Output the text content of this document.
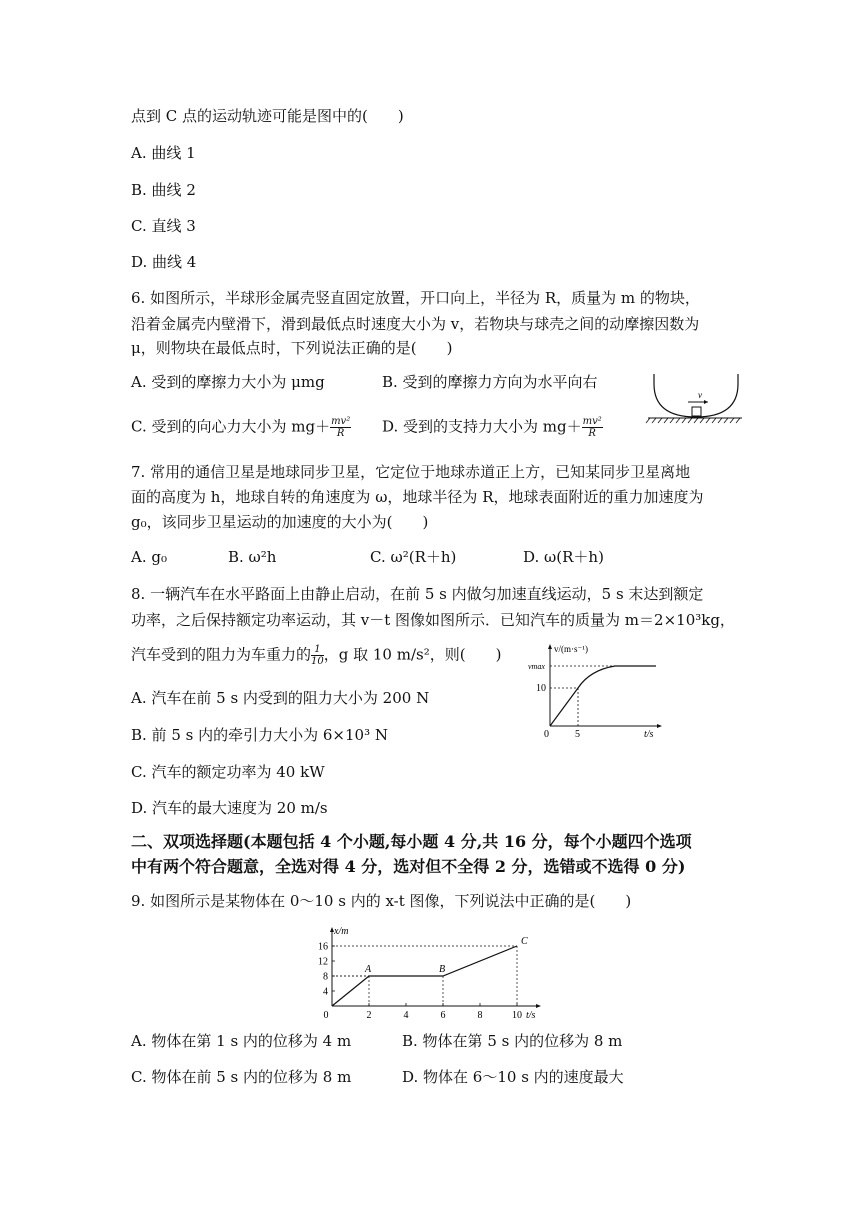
点到 C 点的运动轨迹可能是图中的(　　)
A. 曲线 1
B. 曲线 2
C. 直线 3
D. 曲线 4
6. 如图所示，半球形金属壳竖直固定放置，开口向上，半径为 R，质量为 m 的物块，
沿着金属壳内壁滑下，滑到最低点时速度大小为 v，若物块与球壳之间的动摩擦因数为
μ，则物块在最低点时，下列说法正确的是(　　)
A. 受到的摩擦力大小为 μmg	B. 受到的摩擦力方向为水平向右
C. 受到的向心力大小为 $mg+ \frac{\text{mv²}}{R} D$. 受到的支持力大小为 $mg+ \frac{\text{mv²}}{R}$
v
7. 常用的通信卫星是地球同步卫星，它定位于地球赤道正上方，已知某同步卫星离地
面的高度为 h，地球自转的角速度为 ω，地球半径为 R，地球表面附近的重力加速度为
g₀，该同步卫星运动的加速度的大小为(　　)
A. g₀	B. ω²h	C. ω²(R＋h)	D. ω(R＋h)
8. 一辆汽车在水平路面上由静止启动，在前 5 s 内做匀加速直线运动，5 s 末达到额定
功率，之后保持额定功率运动，其 v－t 图像如图所示．已知汽车的质量为 m＝2×10³kg，
汽车受到的阻力为车重力的 $\frac{1}{10}$ ，g 取 10 m/s²，则(　　)
A. 汽车在前 5 s 内受到的阻力大小为 200 N
B. 前 5 s 内的牵引力大小为 6×10³ N
C. 汽车的额定功率为 40 kW
D. 汽车的最大速度为 20 m/s
v/(m·s⁻¹)
vmax
10
0	5	t/s
二、双项选择题(本题包括 4 个小题,每小题 4 分,共 16 分，每个小题四个选项
中有两个符合题意，全选对得 4 分，选对但不全得 2 分，选错或不选得 0 分)
9. 如图所示是某物体在 0～10 s 内的 x-t 图像，下列说法中正确的是(　　)
4
8
12
16
0	2	4	6	8	10
A	B
C
x/m
t/s
A. 物体在第 1 s 内的位移为 4 m	B. 物体在第 5 s 内的位移为 8 m
C. 物体在前 5 s 内的位移为 8 m	D. 物体在 6～10 s 内的速度最大
